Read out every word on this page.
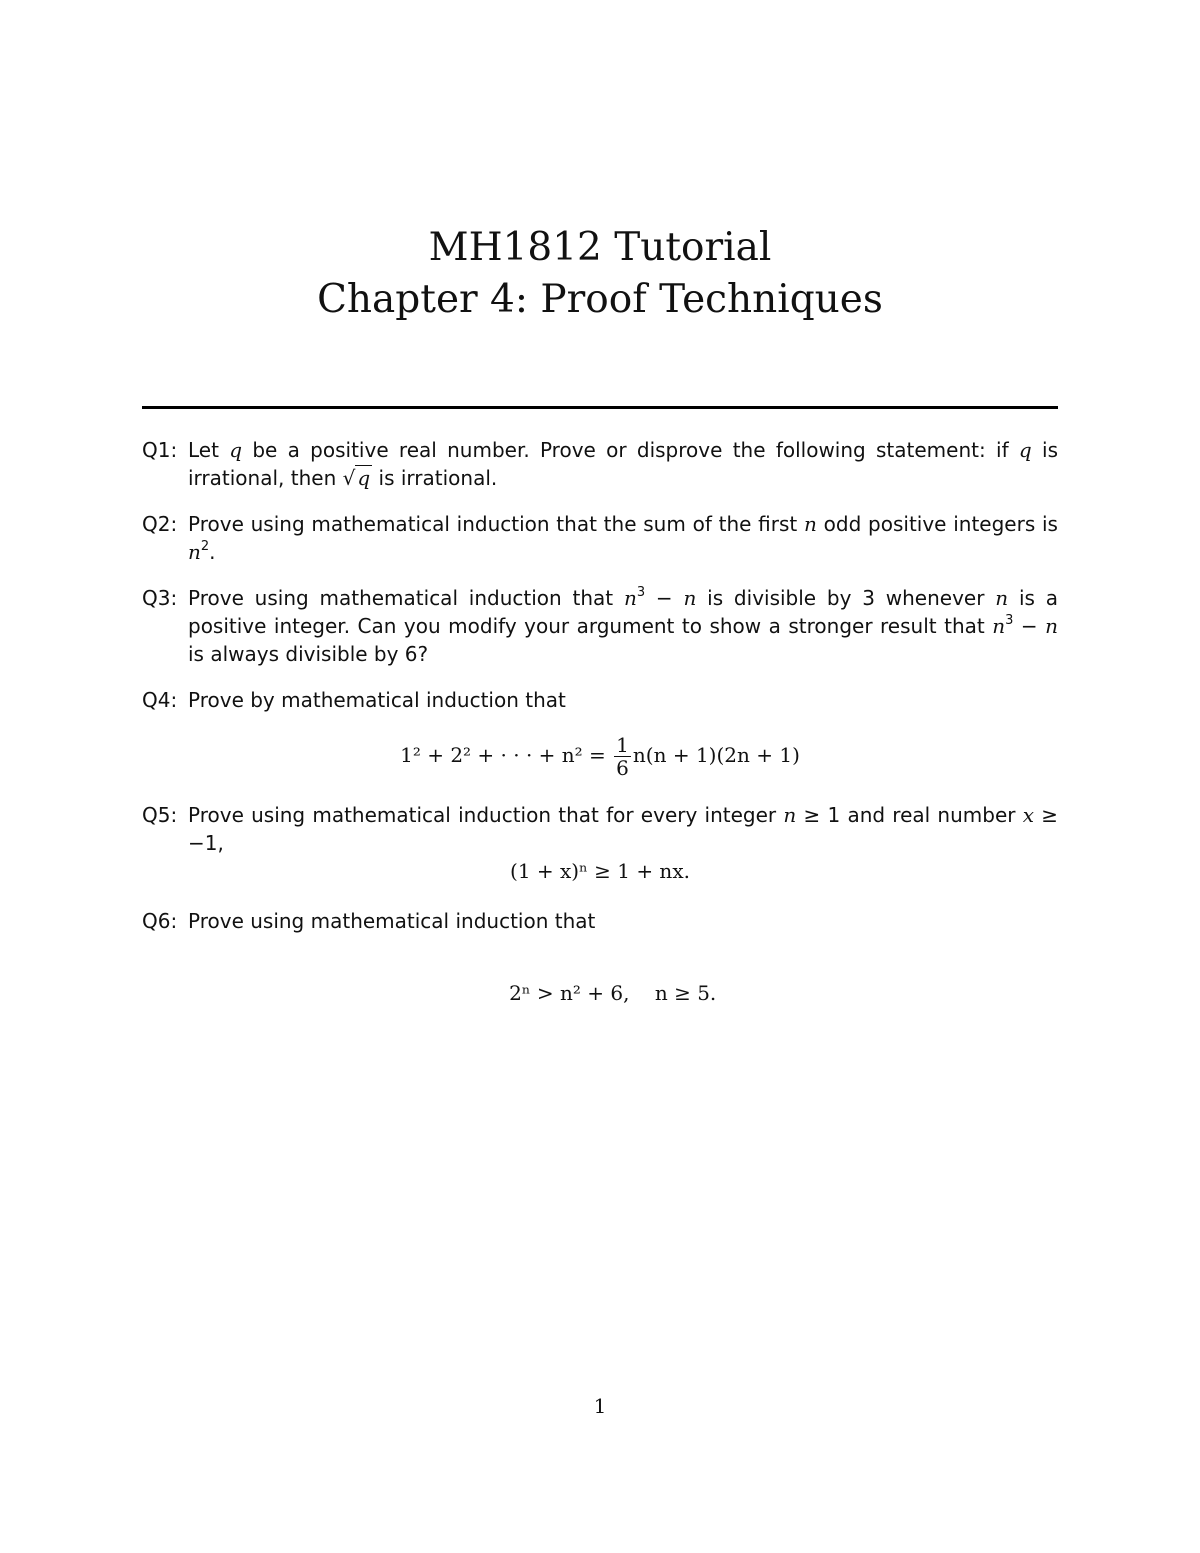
MH1812 Tutorial
Chapter 4: Proof Techniques
Q1: Let q be a positive real number. Prove or disprove the following statement: if q is irrational, then √ q is irrational.
Q2: Prove using mathematical induction that the sum of the first n odd positive integers is $n^2$.
Q3: Prove using mathematical induction that $n^3 - n$ is divisible by 3 whenever n is a positive integer. Can you modify your argument to show a stronger result that $n^3 - n$ is always divisible by 6?
Q4: Prove by mathematical induction that
1² + 2² + · · · + $n^2 = \frac{1}{6} n(n + 1)(2n + 1)$
Q5: Prove using mathematical induction that for every integer n ≥ 1 and real number x ≥ −1,
(1 + x)ⁿ ≥ 1 + nx.
Q6: Prove using mathematical induction that

2ⁿ > n² + 6,    n ≥ 5.

1
